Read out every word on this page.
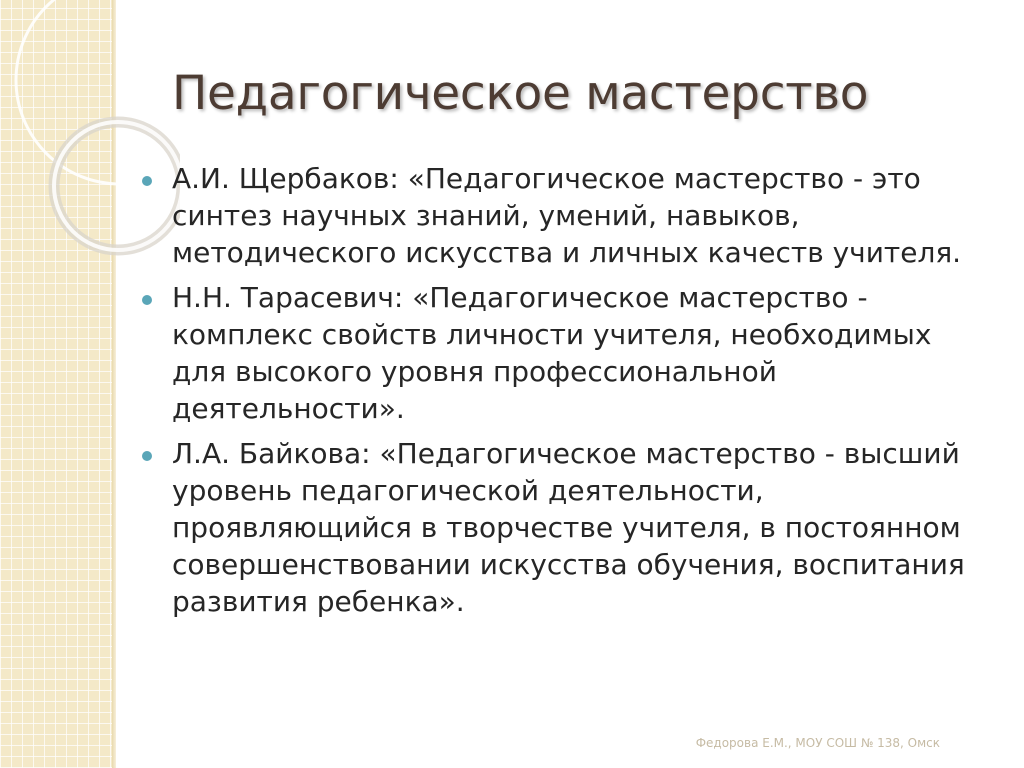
Педагогическое мастерство
А.И. Щербаков: «Педагогическое мастерство - это синтез научных знаний, умений, навыков, методического искусства и личных качеств учителя.
Н.Н. Тарасевич: «Педагогическое мастерство - комплекс свойств личности учителя, необходимых для высокого уровня профессиональной деятельности».
Л.А. Байкова: «Педагогическое мастерство - высший уровень педагогической деятельности, проявляющийся в творчестве учителя, в постоянном совершенствовании искусства обучения, воспитания развития ребенка».
Федорова Е.М., МОУ СОШ № 138, Омск
